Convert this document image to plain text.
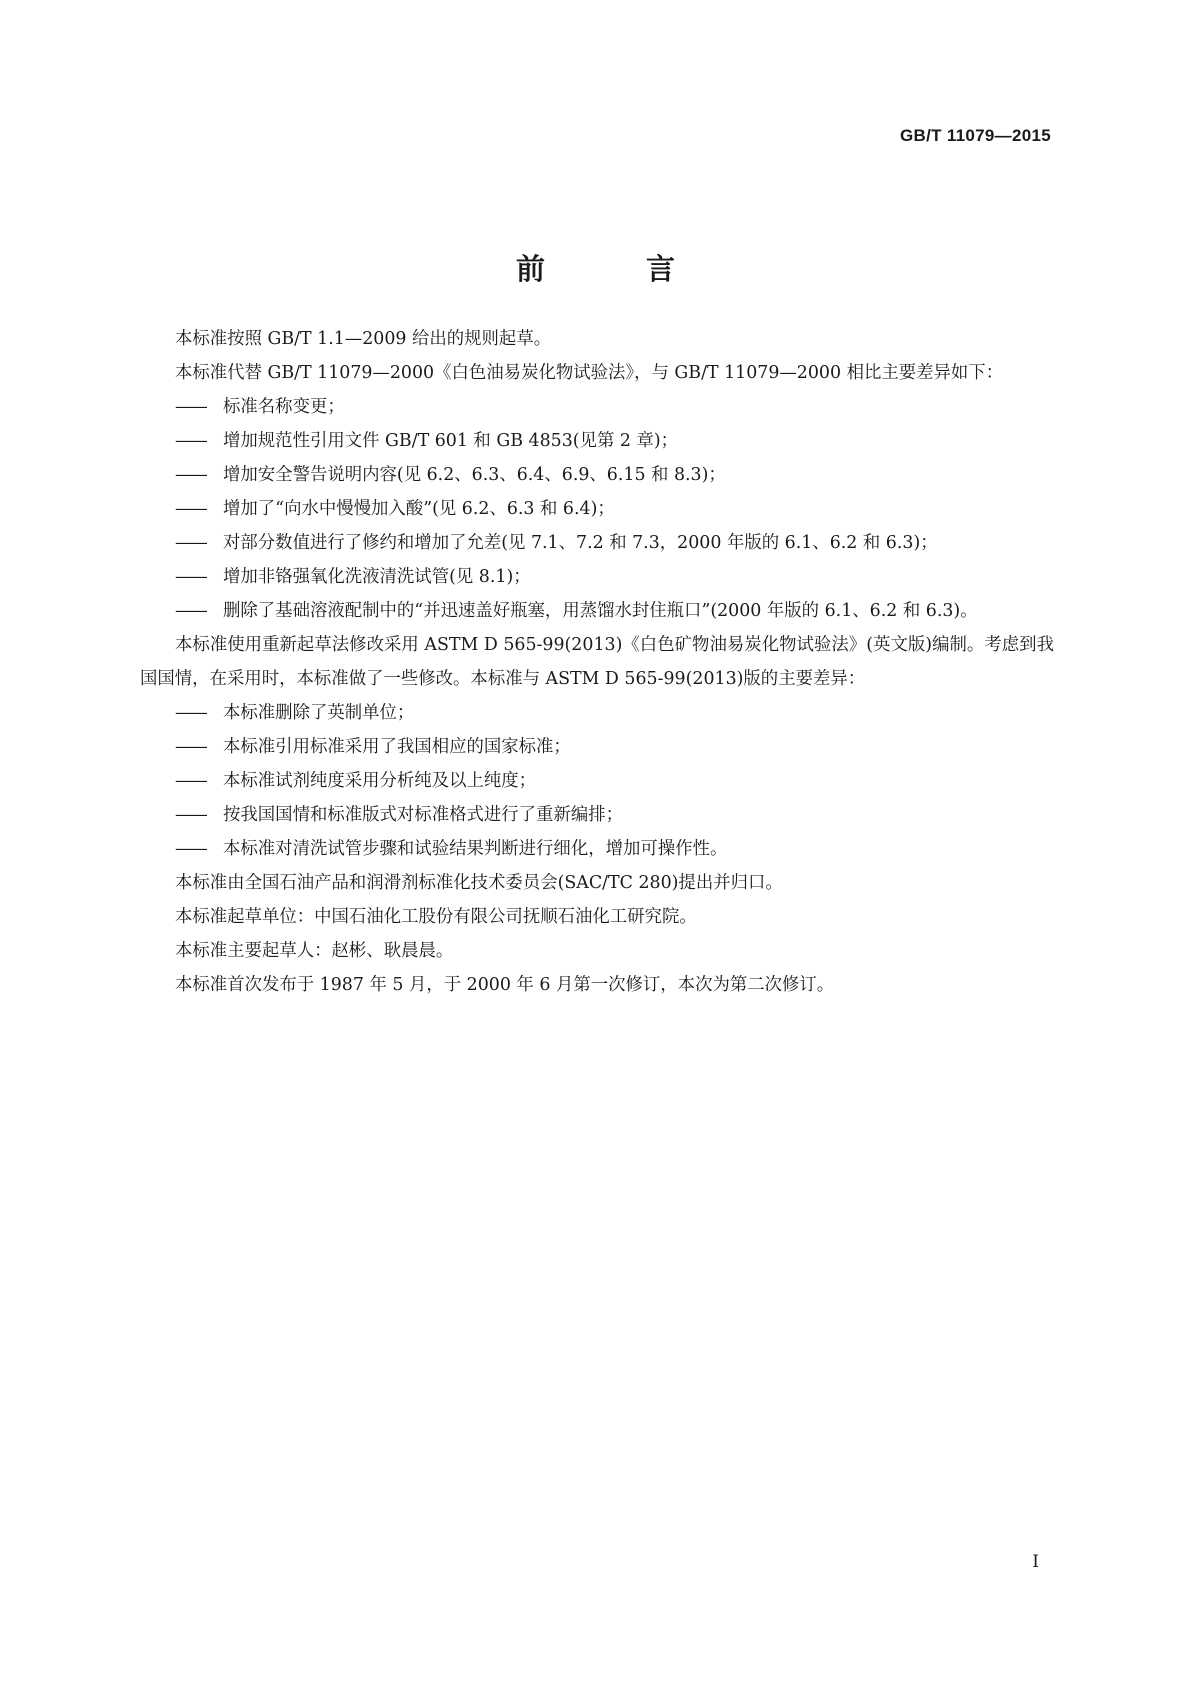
GB/T 11079—2015
前　言

本标准按照 GB/T 1.1—2009 给出的规则起草。

本标准代替 GB/T 11079—2000《白色油易炭化物试验法》，与 GB/T 11079—2000 相比主要差异如下：

—— 标准名称变更；

—— 增加规范性引用文件 GB/T 601 和 GB 4853(见第 2 章)；

—— 增加安全警告说明内容(见 6.2、6.3、6.4、6.9、6.15 和 8.3)；

—— 增加了“向水中慢慢加入酸”(见 6.2、6.3 和 6.4)；

—— 对部分数值进行了修约和增加了允差(见 7.1、7.2 和 7.3，2000 年版的 6.1、6.2 和 6.3)；

—— 增加非铬强氧化洗液清洗试管(见 8.1)；

—— 删除了基础溶液配制中的“并迅速盖好瓶塞，用蒸馏水封住瓶口”(2000 年版的 6.1、6.2 和 6.3)。

本标准使用重新起草法修改采用 ASTM D 565-99(2013)《白色矿物油易炭化物试验法》(英文版)编制。考虑到我国国情，在采用时，本标准做了一些修改。本标准与 ASTM D 565-99(2013)版的主要差异：

—— 本标准删除了英制单位；

—— 本标准引用标准采用了我国相应的国家标准；

—— 本标准试剂纯度采用分析纯及以上纯度；

—— 按我国国情和标准版式对标准格式进行了重新编排；

—— 本标准对清洗试管步骤和试验结果判断进行细化，增加可操作性。

本标准由全国石油产品和润滑剂标准化技术委员会(SAC/TC 280)提出并归口。

本标准起草单位：中国石油化工股份有限公司抚顺石油化工研究院。

本标准主要起草人：赵彬、耿晨晨。

本标准首次发布于 1987 年 5 月，于 2000 年 6 月第一次修订，本次为第二次修订。

I
